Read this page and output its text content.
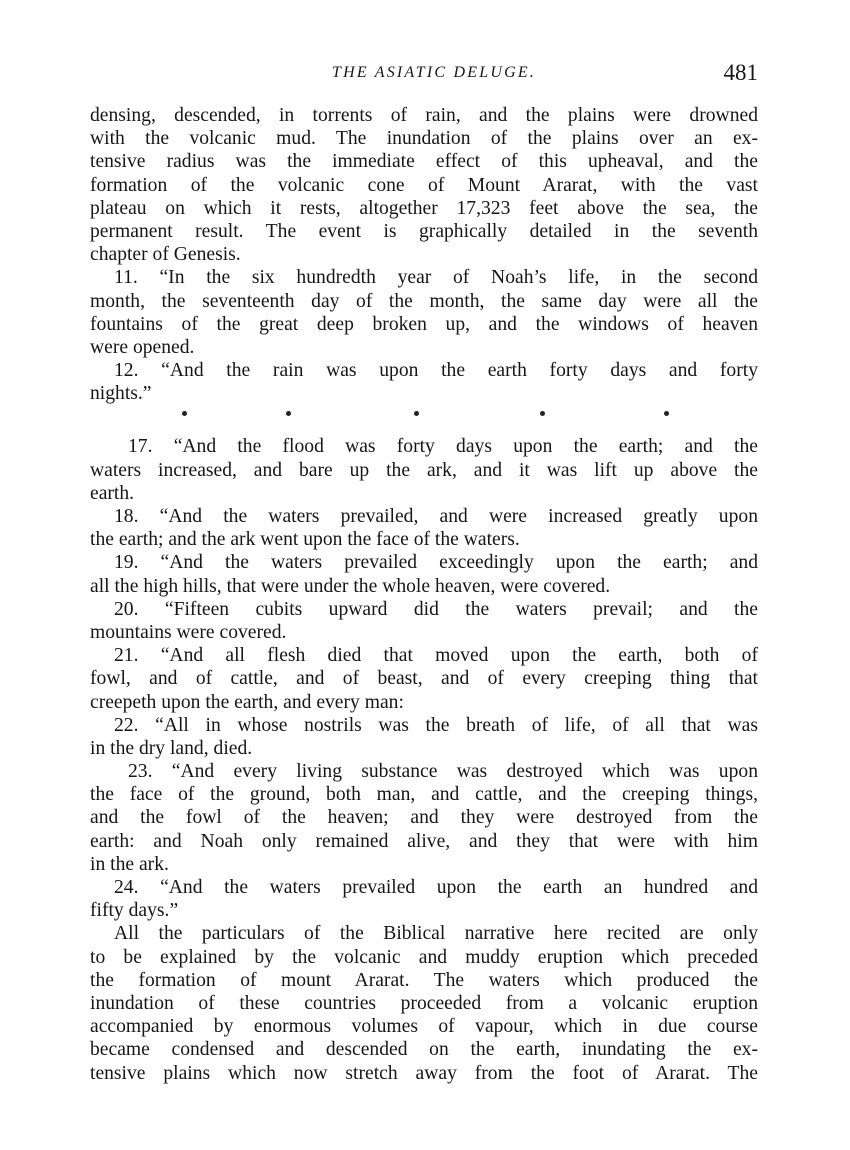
THE ASIATIC DELUGE.	481
densing, descended, in torrents of rain, and the plains were drowned
with the volcanic mud. The inundation of the plains over an ex-
tensive radius was the immediate effect of this upheaval, and the
formation of the volcanic cone of Mount Ararat, with the vast
plateau on which it rests, altogether 17,323 feet above the sea, the
permanent result. The event is graphically detailed in the seventh
chapter of Genesis.
11. “In the six hundredth year of Noah’s life, in the second
month, the seventeenth day of the month, the same day were all the
fountains of the great deep broken up, and the windows of heaven
were opened.
12. “And the rain was upon the earth forty days and forty
nights.”
17. “And the flood was forty days upon the earth; and the
waters increased, and bare up the ark, and it was lift up above the
earth.
18. “And the waters prevailed, and were increased greatly upon
the earth; and the ark went upon the face of the waters.
19. “And the waters prevailed exceedingly upon the earth; and
all the high hills, that were under the whole heaven, were covered.
20. “Fifteen cubits upward did the waters prevail; and the
mountains were covered.
21. “And all flesh died that moved upon the earth, both of
fowl, and of cattle, and of beast, and of every creeping thing that
creepeth upon the earth, and every man:
22. “All in whose nostrils was the breath of life, of all that was
in the dry land, died.
23. “And every living substance was destroyed which was upon
the face of the ground, both man, and cattle, and the creeping things,
and the fowl of the heaven; and they were destroyed from the
earth: and Noah only remained alive, and they that were with him
in the ark.
24. “And the waters prevailed upon the earth an hundred and
fifty days.”
All the particulars of the Biblical narrative here recited are only
to be explained by the volcanic and muddy eruption which preceded
the formation of mount Ararat. The waters which produced the
inundation of these countries proceeded from a volcanic eruption
accompanied by enormous volumes of vapour, which in due course
became condensed and descended on the earth, inundating the ex-
tensive plains which now stretch away from the foot of Ararat. The
